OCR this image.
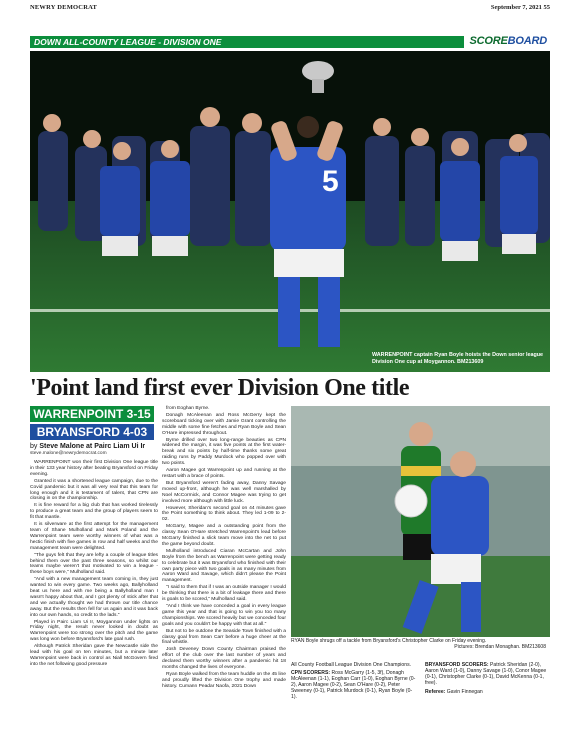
NEWRY DEMOCRAT	September 7, 2021 55
DOWN ALL-COUNTY LEAGUE - DIVISION ONE	SCOREBOARD
5
WARRENPOINT captain Ryan Boyle hoists the Down senior league Division One cup at Moygannon. BM213609
'Point land first ever Division One title
WARRENPOINT 3-15
BRYANSFORD 4-03
by Steve Malone at Pairc Liam Ui Ir
steve.malone@newrydemocrat.com

WARRENPOINT won their first Division One league title in their 133 year history after beating Bryansford on Friday evening.

Granted it was a shortened league campaign, due to the Covid pandemic but it was all very real that this team for long enough and it is testament of talent, that CPN are closing in on the championship.

It is fine reward for a big club that has worked tirelessly to produce a great team and the group of players seem to fit that mantle.

It is silverware at the first attempt for the management team of Shane Mulholland and Mark Poland and the Warrenpoint team were worthy winners of what was a hectic finish with five games in row and half weeks and the management team were delighted.

"The guys felt that they are lefty a couple of league titles behind them over the past three seasons, so whilst our teams maybe weren't that motivated to win a league - these boys were," Mulholland said.

"And with a new management team coming in, they just wanted to win every game. Two weeks ago, Ballyholland beat us here and with me being a Ballyholland man I wasn't happy about that, and I got plenty of stick after that and we actually thought we had thrown our title chance away. But the results then fell for us again and it was back into our own hands, so credit to the lads."

Played in Pairc Liam Ui Ir, Moygannon under lights on Friday night, the result never looked in doubt as Warrenpoint were too strong over the pitch and the game was long won before Bryansford's late goal rush.

Although Patrick Sheridan gave the Newcastle side the lead with his goal on ten minutes, but a minute later Warrenpoint were back in control as Niall McGovern fired into the net following good pressure

from Eoghan Byrne.

Donagh McAleenan and Ross McGerry kept the scoreboard ticking over with Jamie Grant controlling the middle with some fine fetches and Ryan Boyle and Sean O'Hare impressed throughout.

Byrne drilled over two long-range beauties as CPN widened the margin, it was five points at the first water-break and six points by half-time thanks some great raiding runs by Paddy Murdock who popped over with two points.

Aaron Magee got Warrenpoint up and running at the restart with a brace of points.

But Bryansford weren't fading away, Danny Savage moved up-front, although he was well marshalled by Noel McCormick, and Connor Magee was trying to get involved more although with little luck.

However, Sheridan's second goal on 44 minutes gave the Point something to think about. They led 1-09 to 2-02.

McGarry, Magee and a outstanding point from the classy Sean O'Hare stretched Warrenpoint's lead before McGarry finished a slick team move into the net to put the game beyond doubt.

Mulholland introduced Ciaran McCartan and John Boyle from the bench as Warrenpoint were getting ready to celebrate but it was Bryansford who finished with their own party piece with two goals in as many minutes from Aaron Ward and Savage, which didn't please the Point management.

"I said to them that if I was an outside manager I would be thinking that there is a bit of leakage there and there is goals to be scored," Mulholland said.

"And I think we have conceded a goal in every league game this year and that is going to win you too many championships. We scored heavily but we conceded four goals and you couldn't be happy with that at all."

But not to be outdone the Seaside Town finished with a classy goal from Sean Carr before a huge cheer at the final whistle.

Josh Deveney Down County Chairman praised the effort of the club over the last number of years and declared them worthy winners after a pandemic hit 18 months changed the lives of everyone.

Ryan Boyle walked from the team huddle on the 45 line and proudly lifted the Division One trophy and made history. Cumann Peadar Naofa, 2021 Down

RYAN Boyle shrugs off a tackle from Bryansford's Christopher Clarke on Friday evening.
Pictures: Brendan Monaghan. BM213608

All County Football League Division One Champions.

CPN SCORERS: Ross McGarry (1-5, 3f), Donagh McAleenan (1-1), Eoghan Carr (1-0), Eoghan Byrne (0-2), Aaron Magee (0-2), Sean O'Hare (0-2), Peter Sweeney (0-1), Patrick Murdock (0-1), Ryan Boyle (0-1).

BRYANSFORD SCORERS: Patrick Sheridan (2-0), Aaron Ward (1-0), Danny Savage (1-0), Conor Magee (0-1), Christopher Clarke (0-1), David McKenna (0-1, free).

Referee: Gavin Finnegan
